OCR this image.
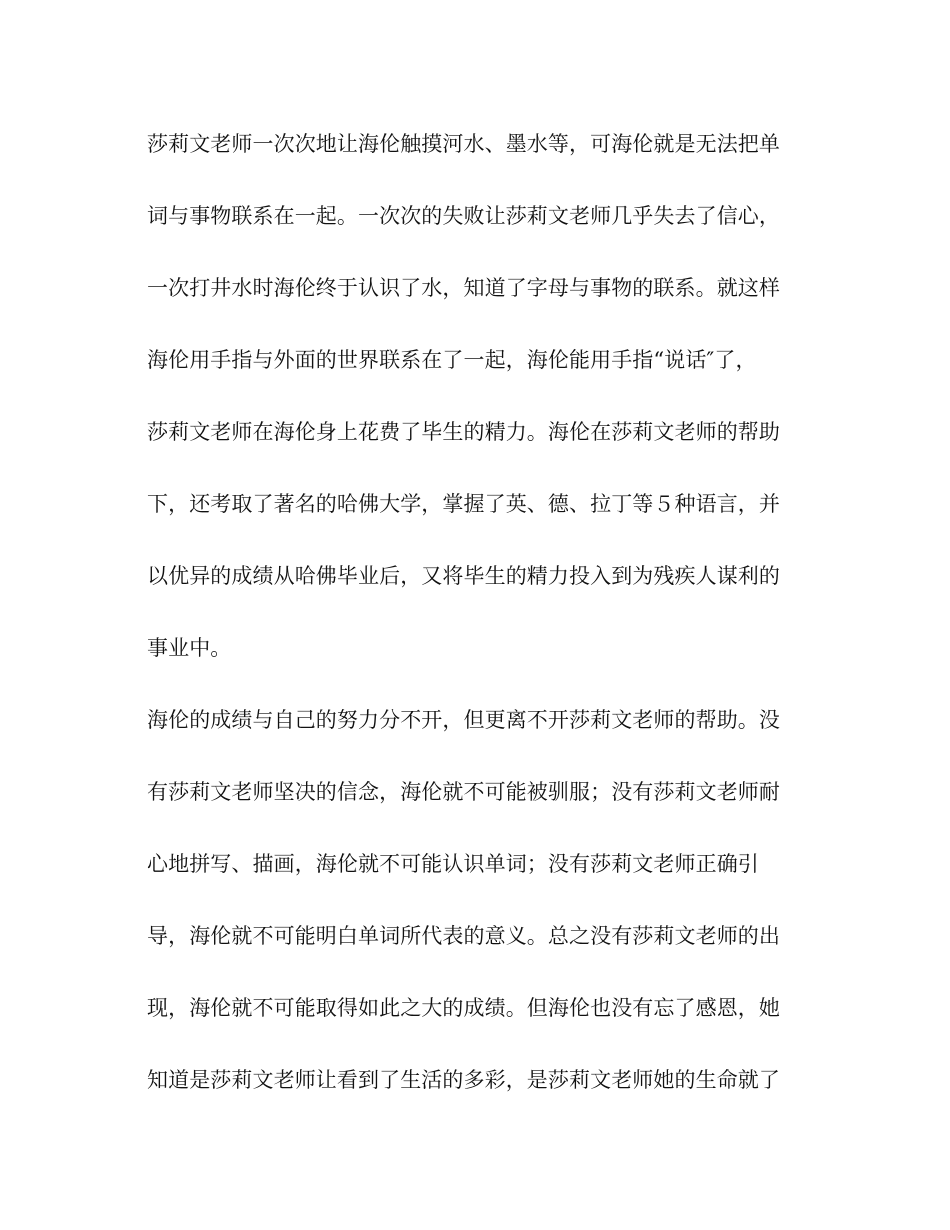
莎莉文老师一次次地让海伦触摸河水、墨水等，可海伦就是无法把单

词与事物联系在一起。一次次的失败让莎莉文老师几乎失去了信心，

一次打井水时海伦终于认识了水，知道了字母与事物的联系。就这样

海伦用手指与外面的世界联系在了一起，海伦能用手指“说话″了，

莎莉文老师在海伦身上花费了毕生的精力。海伦在莎莉文老师的帮助

下，还考取了著名的哈佛大学，掌握了英、德、拉丁等５种语言，并

以优异的成绩从哈佛毕业后，又将毕生的精力投入到为残疾人谋利的

事业中。

海伦的成绩与自己的努力分不开，但更离不开莎莉文老师的帮助。没

有莎莉文老师坚决的信念，海伦就不可能被驯服；没有莎莉文老师耐

心地拼写、描画，海伦就不可能认识单词；没有莎莉文老师正确引

导，海伦就不可能明白单词所代表的意义。总之没有莎莉文老师的出

现，海伦就不可能取得如此之大的成绩。但海伦也没有忘了感恩，她

知道是莎莉文老师让看到了生活的多彩，是莎莉文老师她的生命就了
